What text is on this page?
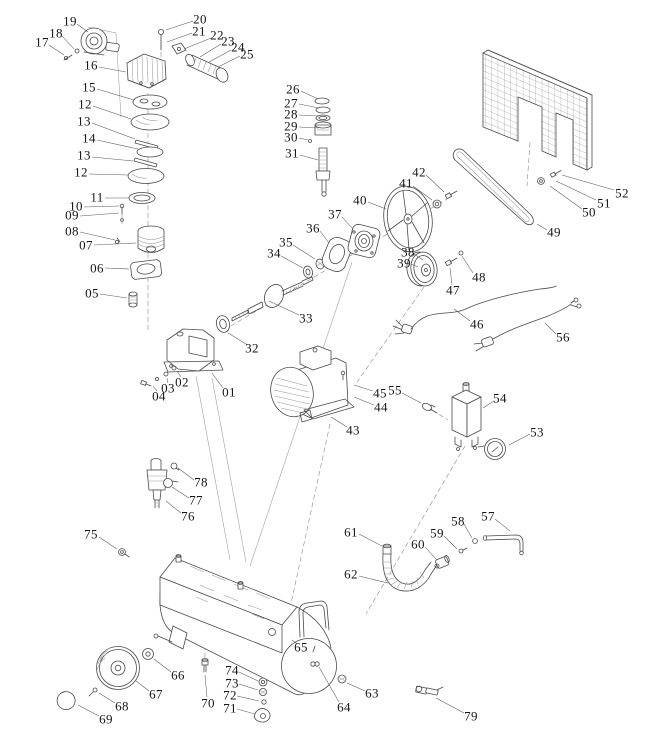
17
18
19	20
21 22
23
24
25
16
15
12
13
14
13
12
11
10
09
08
07
06
05
26
27
28
29
30
31
42
41
40
37
36
35
34
33
32
38
39
48
47
46
56
49
50
51
52
45 55
44
43
54
53
02
03
04	01
78
77
76
75	61
60
59
58 57
62
66
67
68
69
70
74
73
72
71
65
64
63
79
